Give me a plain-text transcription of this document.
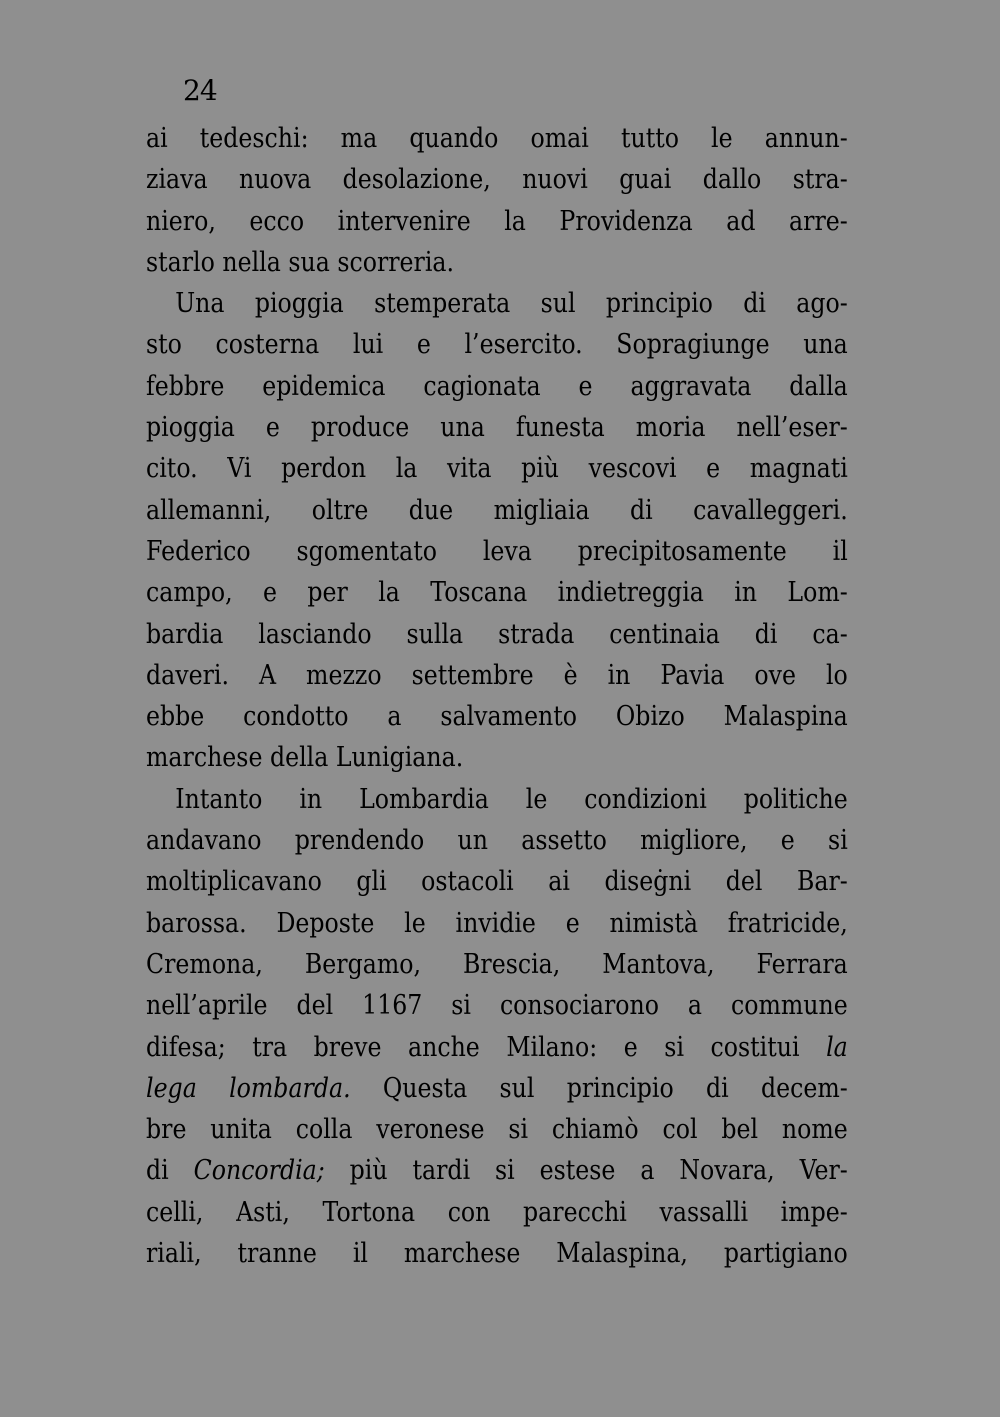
24
ai tedeschi: ma quando omai tutto le annun-
ziava nuova desolazione, nuovi guai dallo stra-
niero, ecco intervenire la Providenza ad arre-
starlo nella sua scorreria.
Una pioggia stemperata sul principio di ago-
sto costerna lui e l’esercito. Sopragiunge una
febbre epidemica cagionata e aggravata dalla
pioggia e produce una funesta moria nell’eser-
cito. Vi perdon la vita più vescovi e magnati
allemanni, oltre due migliaia di cavalleggeri.
Federico sgomentato leva precipitosamente il
campo, e per la Toscana indietreggia in Lom-
bardia lasciando sulla strada centinaia di ca-
daveri. A mezzo settembre è in Pavia ove lo
ebbe condotto a salvamento Obizo Malaspina
marchese della Lunigiana.
Intanto in Lombardia le condizioni politiche
andavano prendendo un assetto migliore, e si
moltiplicavano gli ostacoli ai diseġni del Bar-
barossa. Deposte le invidie e nimistà fratricide,
Cremona, Bergamo, Brescia, Mantova, Ferrara
nell’aprile del 1167 si consociarono a commune
difesa; tra breve anche Milano: e si costitui la
lega lombarda. Questa sul principio di decem-
bre unita colla veronese si chiamò col bel nome
di Concordia; più tardi si estese a Novara, Ver-
celli, Asti, Tortona con parecchi vassalli impe-
riali, tranne il marchese Malaspina, partigiano
